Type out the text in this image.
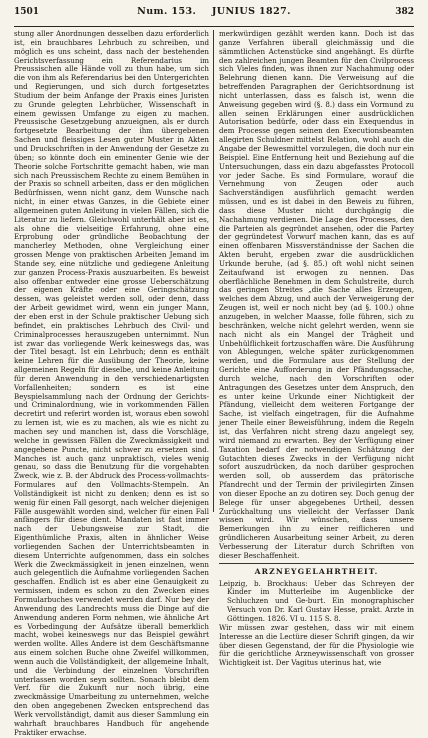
1501	Num. 153. JUNIUS 1827.	382

stung aller Anordnungen desselben dazu erforderlich ist, ein brauchbares Lehrbuch zu schreiben, und möglich es uns scheint, dass nach der bestehenden Gerichtsverfassung ein Referendarius im Preussischen alle Hände voll zu thun habe, um sich die von ihm als Referendarius bei den Untergerichten und Regierungen, und sich durch fortgesetztes Studium der beim Anfange der Praxis eines Juristen zu Grunde gelegten Lehrbücher, Wissenschaft in einem gewissen Umfange zu eigen zu machen. Preussische Gesetzgebung anzueignen, als er durch fortgesetzte Bearbeitung der ihm übergebenen Sachen und fleissiges Lesen guter Muster in Akten und Druckschriften in der Anwendung der Gesetze zu üben; so könnte doch ein eminenter Genie wie der Theorie solche Fortschritte gemacht haben, wie man sich nach Preussischem Rechte zu einem Bemühen in der Praxis so schnell arbeiten, dass er den möglichen Bedürfnissen, wenn nicht ganz, dem Wunsche nach nicht, in einer etwas Ganzes, in die Gebiete einer allgemeinen guten Anleitung in vielen Fällen, sich die Literatur zu liefern. Gleichwohl unterhält aber ist es, als ohne die vielseitige Erfahrung, ohne eine Erprobung oder gründliche Beobachtung der mancherley Methoden, ohne Vergleichung einer grossen Menge von praktischen Arbeiten Jemand im Stande sey, eine nützliche und gediegene Anleitung zur ganzen Process-Praxis auszuarbeiten. Es beweist also offenbar entweder eine grosse Ueberschätzung der eigenen Kräfte oder eine Geringschätzung dessen, was geleistet werden soll, oder denn, dass der Arbeit gewidmet wird, wenn ein junger Mann, der eben erst in der Schule praktischer Uebung sich befindet, ein praktisches Lehrbuch des Civil- und Criminalprocesses herauszugeben unternimmt. Nun ist zwar das vorliegende Werk keineswegs das, was der Titel besagt. Ist ein Lehrbuch; denn es enthält keine Lehren für die Ausübung der Theorie, keine allgemeinen Regeln für dieselbe, und keine Anleitung für deren Anwendung in den verschiedenartigsten Vorfallenheiten; sondern es ist eine Beyspielsammlung nach der Ordnung der Gerichts- und Criminalordnung, wie in vorkommenden Fällen decretirt und referirt worden ist, woraus eben sowohl zu lernen ist, wie es zu machen, als wie es nicht zu machen sey und manchen ist, dass die Vorschläge, welche in gewissen Fällen die Zweckmässigkeit und angegebene Puncte, nicht schwer zu ersetzen sind. Manches ist auch ganz unpraktisch, vieles wenig genau, so dass die Benutzung für die vorgehabten Zweck, wie z. B. der Abdruck des Process-vollmachts-Formulares auf den Vollmachts-Stempeln. An Vollständigkeit ist nicht zu denken; denn es ist so wenig für einen Fall gesorgt, nach welcher diejenigen Fälle ausgewählt worden sind, welcher für einen Fall anfängers für diese dient. Mandaten ist fast immer nach der Uebungsweise zur Stadt, die Eigenthümliche Praxis, alten in ähnlicher Weise vorliegenden Sachen der Unterrichtsbeamten in diesem Unterrichte aufgenommen, dass ein solches Werk die Zweckmässigkeit in jenen einzelnen, wenn auch gelegentlich die Aufnahme vorliegenden Sachen geschaffen. Endlich ist es aber eine Genauigkeit zu vermissen, indem es schon zu den Zwecken eines Formularbuches verwendet werden darf. Nur bey der Anwendung des Landrechts muss die Dinge auf die Anwendung anderen Form nehmen, wie ähnliche Art es Vorbedingung der Aufsätze überall bemerklich macht, wobei keineswegs nur das Beispiel gewährt werden wollte. Alles Andere ist dem Geschäftsmanne aus einem solchen Buche ohne Zweifel willkommen, wenn auch die Vollständigkeit, der allgemeine Inhalt, und die Verbindung der einzelnen Vorschriften unterlassen worden seyn sollten. Sonach bleibt dem Verf. für die Zukunft nur noch übrig, eine zweckmässige Umarbeitung zu unternehmen, welche den oben angegebenen Zwecken entsprechend das Werk vervollständigt, damit aus dieser Sammlung ein wahrhaft brauchbares Handbuch für angehende Praktiker erwachse.

merkwürdigen gezählt werden kann. Doch ist das ganze Verfahren überall gleichmässig und die sämmtlichen Actenstücke sind angehängt. Es dürfte den zahlreichen jungen Beamten für den Civilprocess sich Vieles finden, was ihnen zur Nachahmung oder Belehrung dienen kann. Die Verweisung auf die betreffenden Paragraphen der Gerichtsordnung ist nicht unterlassen, dass es falsch ist, wenn die Anweisung gegeben wird (§. 8.) dass ein Vormund zu allen seinen Erklärungen einer ausdrücklichen Autorisation bedürfe, oder dass ein Exequendus in dem Processe gegen seinen den Executionsbeamten allegirten Schuldner mittelst Relation, wohl auch die Angabe der Bewesmittel vorzulegen, die doch nur ein Beispiel. Eine Entfernung heit und Beziehung auf die Untersuchungen, dass ein dazu abgefasstes Protocoll vor jeder Sache. Es sind Formulare, worauf die Vernehmung von Zeugen oder auch Sachverständigen ausführlich gemacht werden müssen, und es ist dabei in den Beweis zu führen, dass diese Muster nicht durchgängig die Nachahmung verdienen. Die Lage des Processes, den die Parteien als gegründet ansehen, oder die Partey der gegründetest Vorwurf machen kann, das es auf einen offenbaren Missverständnisse der Sachen die Akten beruht, ergeben zwar die ausdrücklichen Urkunde beruhe, (ad §. 85.) oft wohl nicht seinen Zeitaufwand ist erwogen zu nennen. Das oberflächliche Benehmen in dem Schulstreite, durch das geringen Streites „die Sache alles Erzeugen, welches dem Abzug, und auch der Verweigerung der Zeugen ist, weil er noch nicht bey (ad §. 100.) ohne anzugeben, in welcher Maasse, folle führen, sich zu beschränken, welche nicht gelehrt werden, wenn sie nach nicht als ein Mangel der Trägheit und Unbehülflichkeit fortzuschaffen wäre. Die Ausführung von Ablegungen, welche später zurückgenommen werden, und die Formulare aus der Stellung der Gerichte eine Aufforderung in der Pfändungssache, durch welche, nach den Vorschriften oder Antragungen des Gesetzes unter dem Anspruch, den es unter keine Urkunde einer Nichtigkeit der Pfändung, vielleicht dem weiteren Fortgange der Sache, ist vielfach eingetragen, für die Aufnahme jener Theile einer Beweisführung, indem die Regeln ist, das Verfahren nicht streng dazu angelegt sey, wird niemand zu erwarten. Bey der Verfügung einer Taxation bedarf der notwendigen Schätzung der Gutachten dieses Zwecks in der Verfügung nicht sofort auszudrücken, da noch darüber gesprochen werden soll, ob ausserdem das prätorische Pfandrecht und der Termin der privilegirten Zinsen von dieser Epoche an zu dotiren sey. Doch genug der Belege für unser abgegebenes Urtheil, dessen Zurückhaltung uns vielleicht der Verfasser Dank wissen wird. Wir wünschen, dass unsere Bemerkungen ihn zu einer reiflicheren und gründlicheren Ausarbeitung seiner Arbeit, zu deren Verbesserung der Literatur durch Schriften von dieser Beschaffenheit.

ARZNEYGELAHRTHEIT.

Leipzig, b. Brockhaus: Ueber das Schreyen der Kinder im Mutterleibe im Augenblicke der Schluchzen und Ge-burt. Ein monographischer Versuch von Dr. Karl Gustav Hesse, prakt. Arzte in Göttingen. 1826. VI u. 115 S. 8.

Wir müssen zwar gestehen, dass wir mit einem Interesse an die Lectüre dieser Schrift gingen, da wir über diesen Gegenstand, der für die Physiologie wie für die gerichtliche Arzneywissenschaft von grosser Wichtigkeit ist. Der Vagitus uterinus hat, wie
